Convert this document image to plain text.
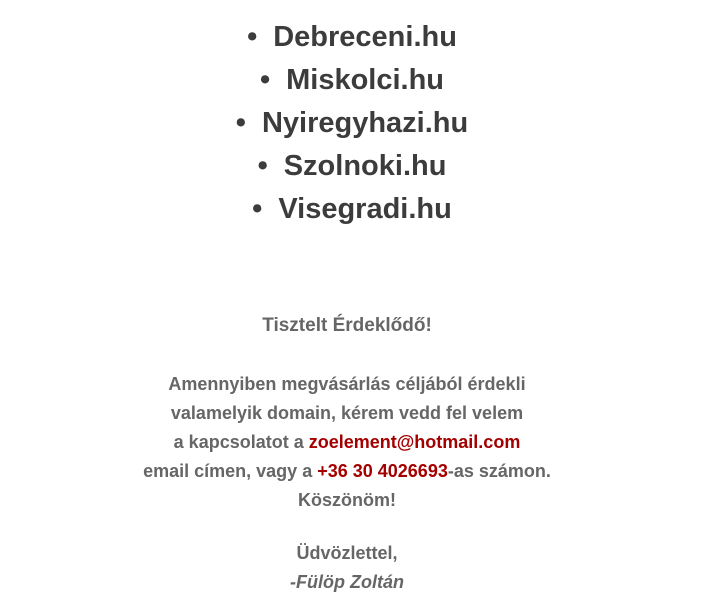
• Debreceni.hu
• Miskolci.hu
• Nyiregyhazi.hu
• Szolnoki.hu
• Visegradi.hu

Tisztelt Érdeklődő!

Amennyiben megvásárlás céljából érdekli

valamelyik domain, kérem vedd fel velem

a kapcsolatot a zoelement@hotmail.com

email címen, vagy a +36 30 4026693-as számon.

Köszönöm!

Üdvözlettel,

-Fülöp Zoltán
